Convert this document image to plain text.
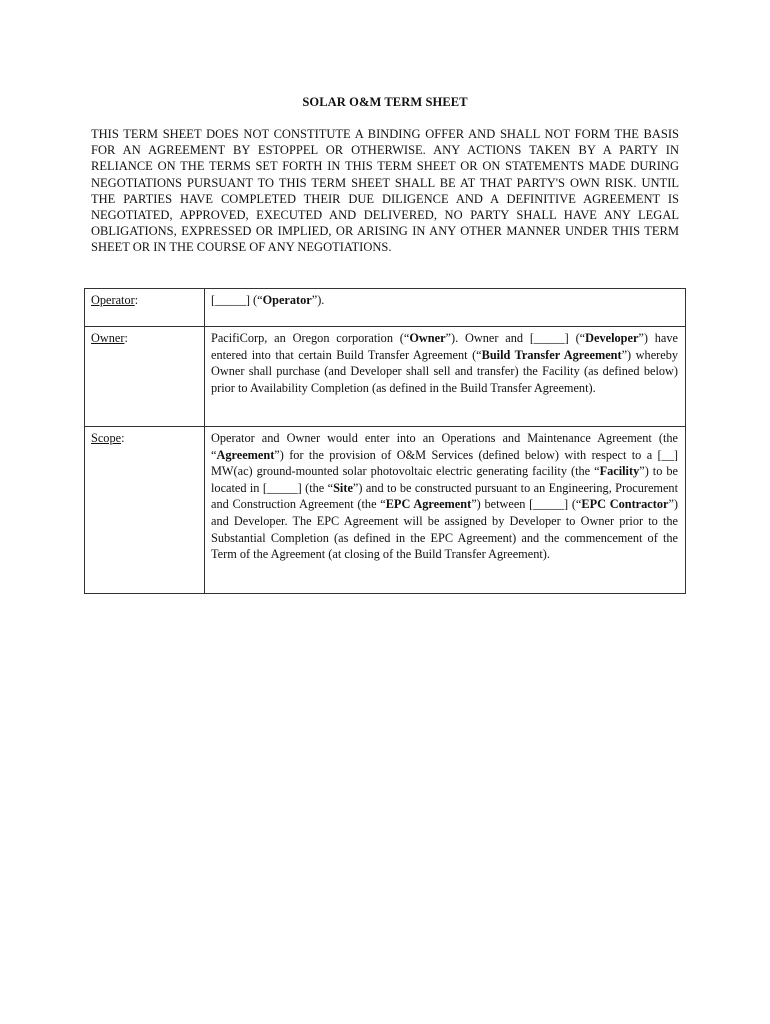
SOLAR O&M TERM SHEET

THIS TERM SHEET DOES NOT CONSTITUTE A BINDING OFFER AND SHALL NOT FORM THE BASIS FOR AN AGREEMENT BY ESTOPPEL OR OTHERWISE. ANY ACTIONS TAKEN BY A PARTY IN RELIANCE ON THE TERMS SET FORTH IN THIS TERM SHEET OR ON STATEMENTS MADE DURING NEGOTIATIONS PURSUANT TO THIS TERM SHEET SHALL BE AT THAT PARTY'S OWN RISK. UNTIL THE PARTIES HAVE COMPLETED THEIR DUE DILIGENCE AND A DEFINITIVE AGREEMENT IS NEGOTIATED, APPROVED, EXECUTED AND DELIVERED, NO PARTY SHALL HAVE ANY LEGAL OBLIGATIONS, EXPRESSED OR IMPLIED, OR ARISING IN ANY OTHER MANNER UNDER THIS TERM SHEET OR IN THE COURSE OF ANY NEGOTIATIONS.

Operator:	[_____] (“Operator”).
Owner:	PacifiCorp, an Oregon corporation (“Owner”). Owner and [_____] (“Developer”) have entered into that certain Build Transfer Agreement (“Build Transfer Agreement”) whereby Owner shall purchase (and Developer shall sell and transfer) the Facility (as defined below) prior to Availability Completion (as defined in the Build Transfer Agreement).
Scope:	Operator and Owner would enter into an Operations and Maintenance Agreement (the “Agreement”) for the provision of O&M Services (defined below) with respect to a [__] MW(ac) ground-mounted solar photovoltaic electric generating facility (the “Facility”) to be located in [_____] (the “Site”) and to be constructed pursuant to an Engineering, Procurement and Construction Agreement (the “EPC Agreement”) between [_____] (“EPC Contractor”) and Developer. The EPC Agreement will be assigned by Developer to Owner prior to the Substantial Completion (as defined in the EPC Agreement) and the commencement of the Term of the Agreement (at closing of the Build Transfer Agreement).
